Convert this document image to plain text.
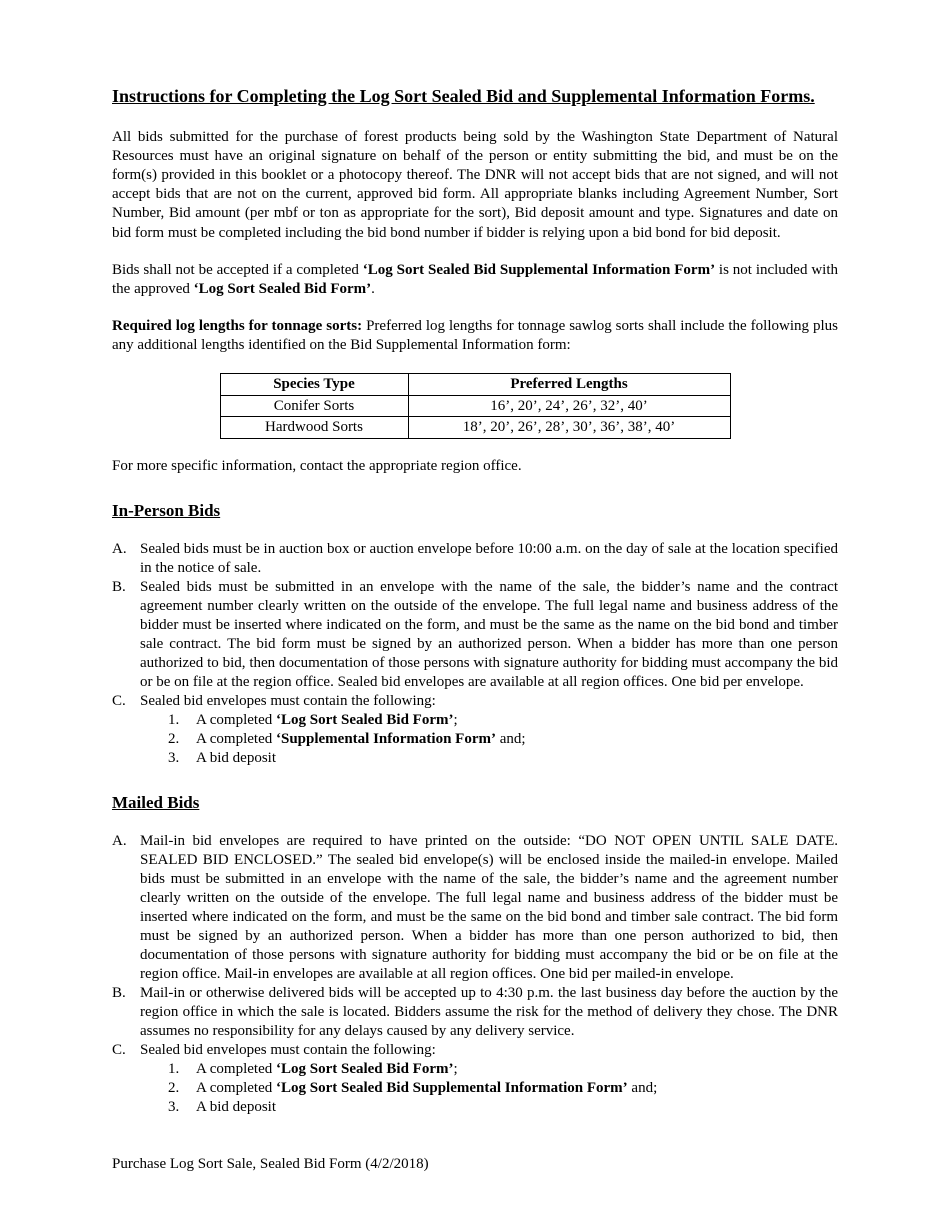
Instructions for Completing the Log Sort Sealed Bid and Supplemental Information Forms.

All bids submitted for the purchase of forest products being sold by the Washington State Department of Natural Resources must have an original signature on behalf of the person or entity submitting the bid, and must be on the form(s) provided in this booklet or a photocopy thereof. The DNR will not accept bids that are not signed, and will not accept bids that are not on the current, approved bid form. All appropriate blanks including Agreement Number, Sort Number, Bid amount (per mbf or ton as appropriate for the sort), Bid deposit amount and type. Signatures and date on bid form must be completed including the bid bond number if bidder is relying upon a bid bond for bid deposit.

Bids shall not be accepted if a completed ‘Log Sort Sealed Bid Supplemental Information Form’ is not included with the approved ‘Log Sort Sealed Bid Form’.

Required log lengths for tonnage sorts: Preferred log lengths for tonnage sawlog sorts shall include the following plus any additional lengths identified on the Bid Supplemental Information form:

Species Type	Preferred Lengths
Conifer Sorts	16’, 20’, 24’, 26’, 32’, 40’
Hardwood Sorts	18’, 20’, 26’, 28’, 30’, 36’, 38’, 40’

For more specific information, contact the appropriate region office.

In-Person Bids
A. Sealed bids must be in auction box or auction envelope before 10:00 a.m. on the day of sale at the location specified in the notice of sale.
B. Sealed bids must be submitted in an envelope with the name of the sale, the bidder’s name and the contract agreement number clearly written on the outside of the envelope. The full legal name and business address of the bidder must be inserted where indicated on the form, and must be the same as the name on the bid bond and timber sale contract. The bid form must be signed by an authorized person. When a bidder has more than one person authorized to bid, then documentation of those persons with signature authority for bidding must accompany the bid or be on file at the region office. Sealed bid envelopes are available at all region offices. One bid per envelope.
C. Sealed bid envelopes must contain the following:
1.	A completed ‘Log Sort Sealed Bid Form’;
2.	A completed ‘Supplemental Information Form’ and;
3.	A bid deposit
Mailed Bids
A. Mail-in bid envelopes are required to have printed on the outside: “DO NOT OPEN UNTIL SALE DATE. SEALED BID ENCLOSED.” The sealed bid envelope(s) will be enclosed inside the mailed-in envelope. Mailed bids must be submitted in an envelope with the name of the sale, the bidder’s name and the agreement number clearly written on the outside of the envelope. The full legal name and business address of the bidder must be inserted where indicated on the form, and must be the same on the bid bond and timber sale contract. The bid form must be signed by an authorized person. When a bidder has more than one person authorized to bid, then documentation of those persons with signature authority for bidding must accompany the bid or be on file at the region office. Mail-in envelopes are available at all region offices. One bid per mailed-in envelope.
B. Mail-in or otherwise delivered bids will be accepted up to 4:30 p.m. the last business day before the auction by the region office in which the sale is located. Bidders assume the risk for the method of delivery they chose. The DNR assumes no responsibility for any delays caused by any delivery service.
C. Sealed bid envelopes must contain the following:
1.	A completed ‘Log Sort Sealed Bid Form’;
2.	A completed ‘Log Sort Sealed Bid Supplemental Information Form’ and;
3.	A bid deposit
Purchase Log Sort Sale, Sealed Bid Form (4/2/2018)
